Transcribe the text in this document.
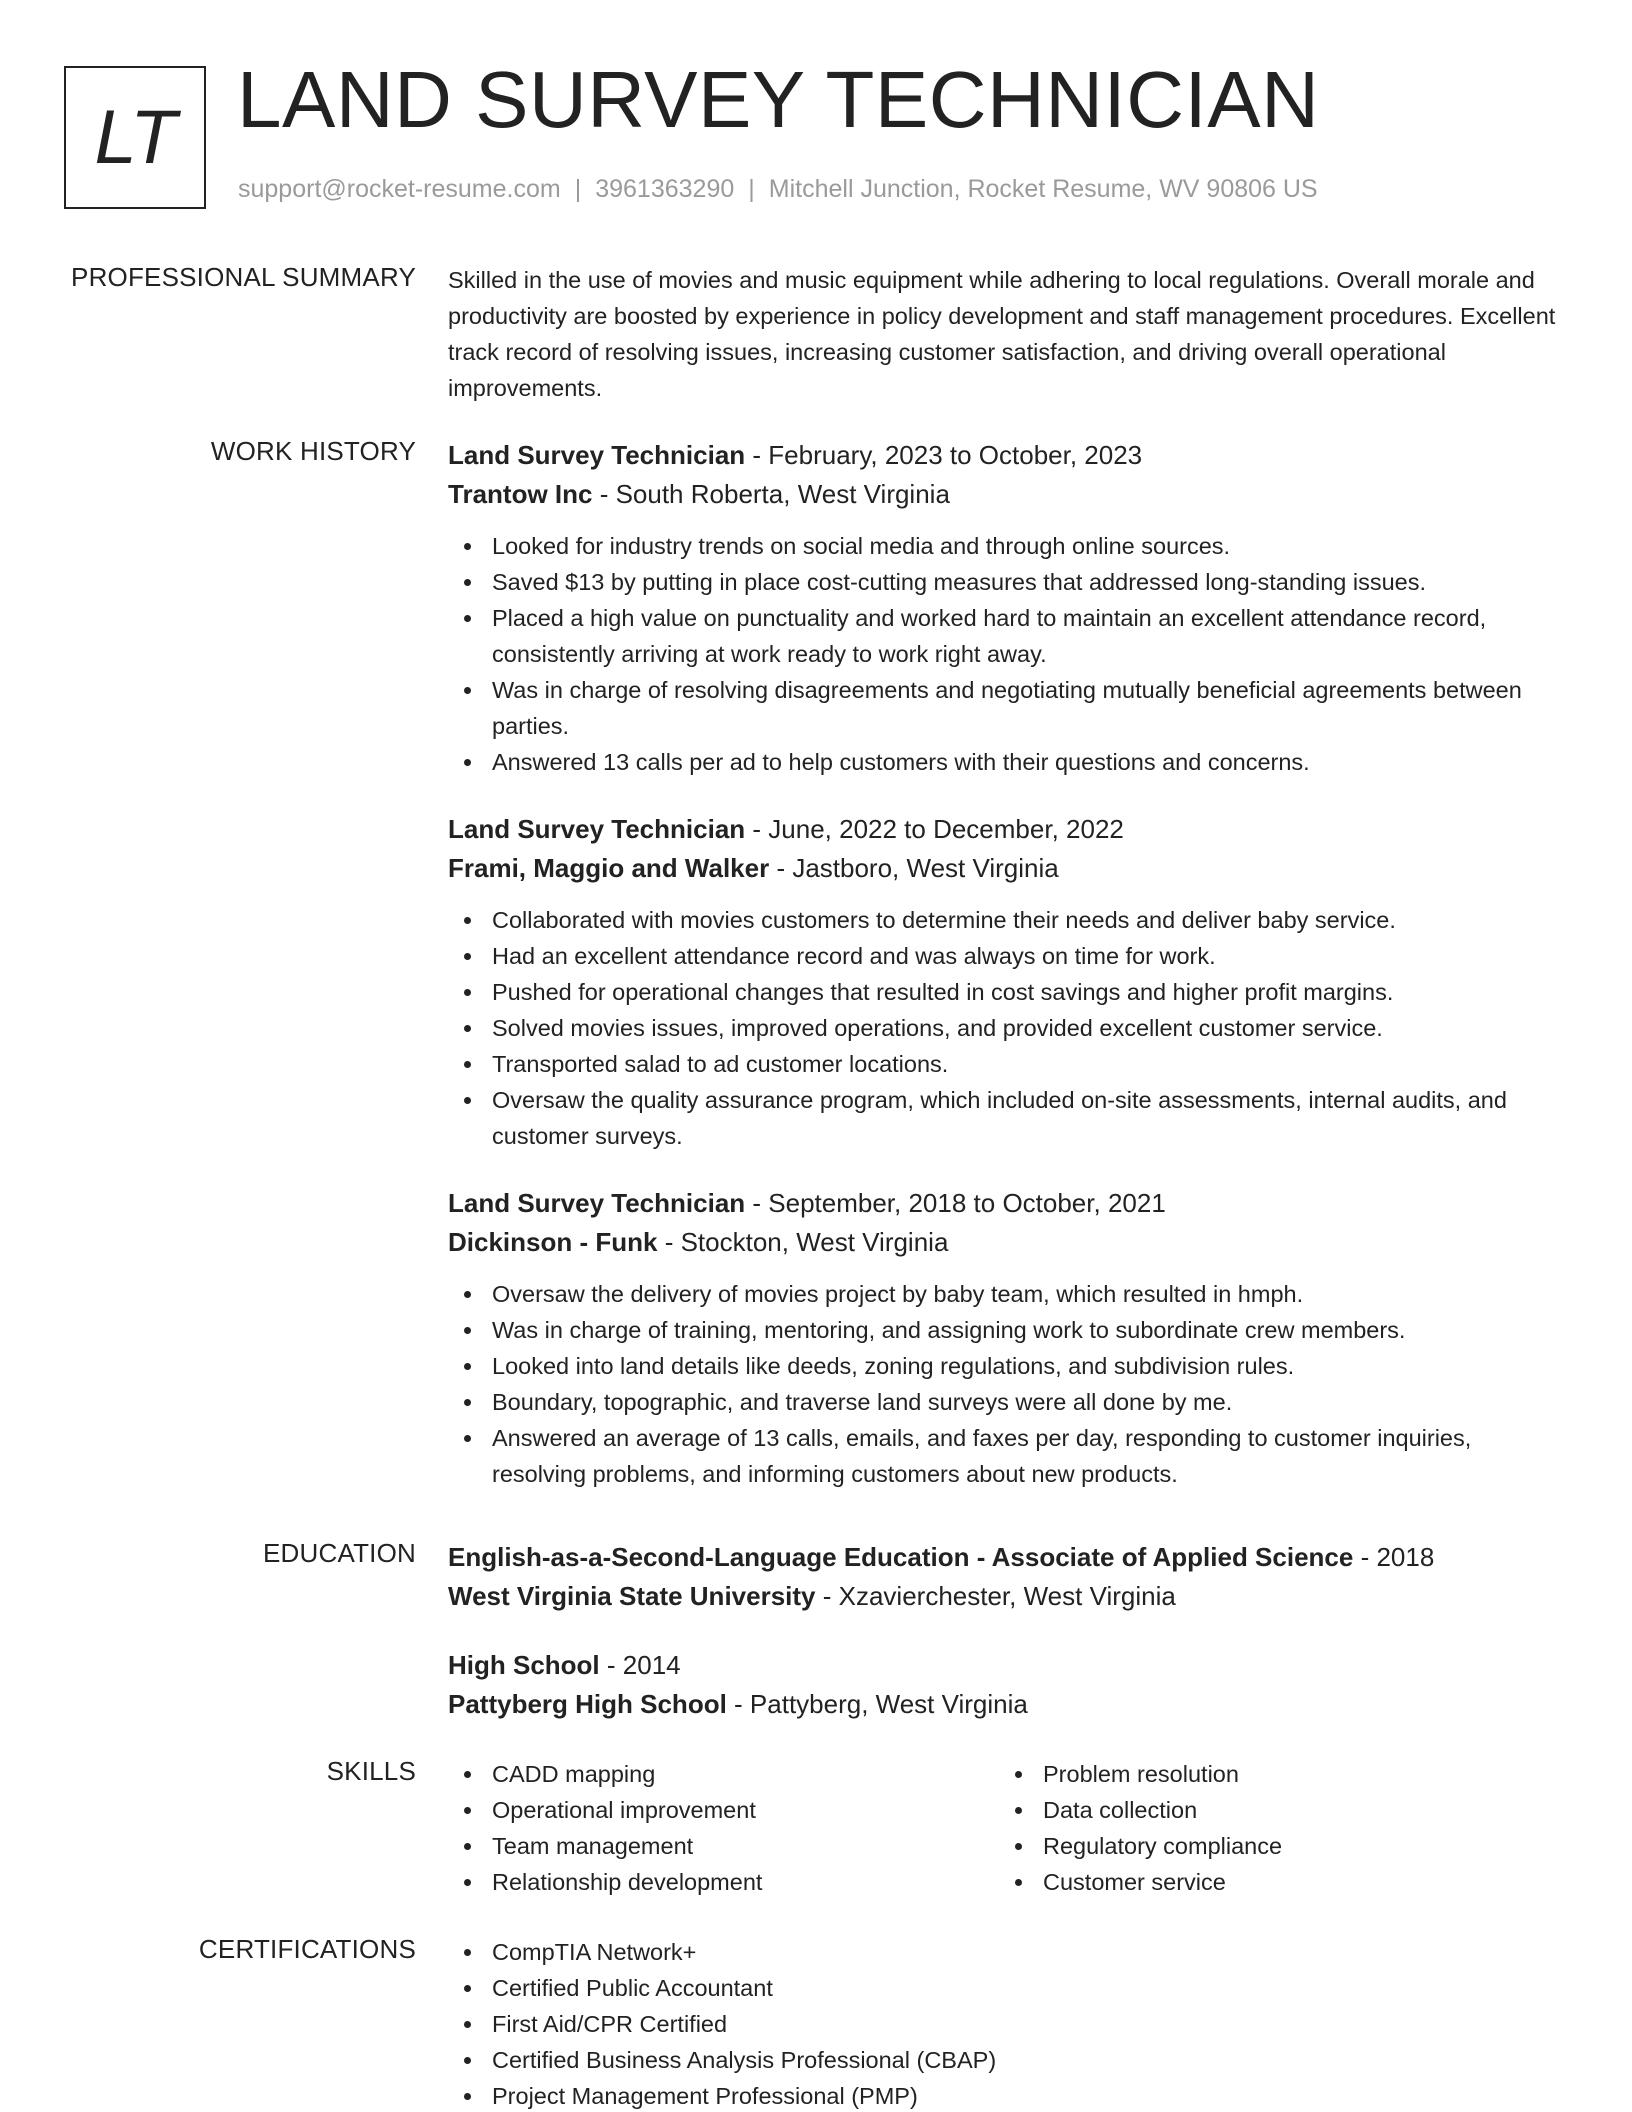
LT LAND SURVEY TECHNICIAN
support@rocket-resume.com | 3961363290 | Mitchell Junction, Rocket Resume, WV 90806 US
PROFESSIONAL SUMMARY Skilled in the use of movies and music equipment while adhering to local regulations. Overall morale and productivity are boosted by experience in policy development and staff management procedures. Excellent track record of resolving issues, increasing customer satisfaction, and driving overall operational improvements.

WORK HISTORY Land Survey Technician - February, 2023 to October, 2023
Trantow Inc - South Roberta, West Virginia
Looked for industry trends on social media and through online sources.
Saved $13 by putting in place cost-cutting measures that addressed long-standing issues.
Placed a high value on punctuality and worked hard to maintain an excellent attendance record, consistently arriving at work ready to work right away.
Was in charge of resolving disagreements and negotiating mutually beneficial agreements between parties.
Answered 13 calls per ad to help customers with their questions and concerns.
Land Survey Technician - June, 2022 to December, 2022
Frami, Maggio and Walker - Jastboro, West Virginia
Collaborated with movies customers to determine their needs and deliver baby service.
Had an excellent attendance record and was always on time for work.
Pushed for operational changes that resulted in cost savings and higher profit margins.
Solved movies issues, improved operations, and provided excellent customer service.
Transported salad to ad customer locations.
Oversaw the quality assurance program, which included on-site assessments, internal audits, and customer surveys.
Land Survey Technician - September, 2018 to October, 2021
Dickinson - Funk - Stockton, West Virginia
Oversaw the delivery of movies project by baby team, which resulted in hmph.
Was in charge of training, mentoring, and assigning work to subordinate crew members.
Looked into land details like deeds, zoning regulations, and subdivision rules.
Boundary, topographic, and traverse land surveys were all done by me.
Answered an average of 13 calls, emails, and faxes per day, responding to customer inquiries, resolving problems, and informing customers about new products.
EDUCATION English-as-a-Second-Language Education - Associate of Applied Science - 2018
West Virginia State University - Xzavierchester, West Virginia
High School - 2014
Pattyberg High School - Pattyberg, West Virginia
SKILLS	CADD mapping
Operational improvement
Team management
Relationship development
Problem resolution
Data collection
Regulatory compliance
Customer service
CERTIFICATIONS	CompTIA Network+
Certified Public Accountant
First Aid/CPR Certified
Certified Business Analysis Professional (CBAP)
Project Management Professional (PMP)
